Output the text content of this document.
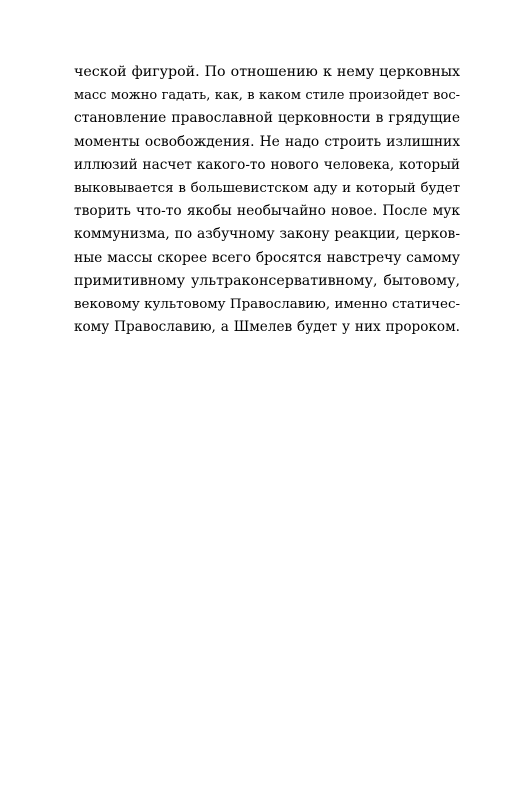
ческой фигурой. По отношению к нему церковных
масс можно гадать, как, в каком стиле произойдет вос-
становление православной церковности в грядущие
моменты освобождения. Не надо строить излишних
иллюзий насчет какого-то нового человека, который
выковывается в большевистском аду и который будет
творить что-то якобы необычайно новое. После мук
коммунизма, по азбучному закону реакции, церков-
ные массы скорее всего бросятся навстречу самому
примитивному ультраконсервативному, бытовому,
вековому культовому Православию, именно статичес-
кому Православию, а Шмелев будет у них пророком.
